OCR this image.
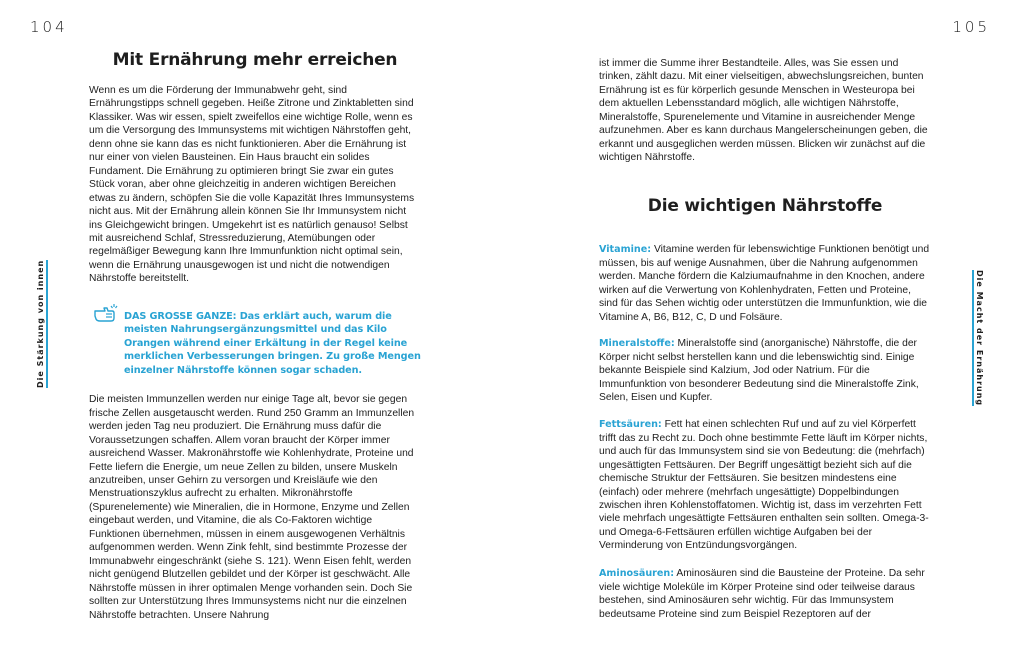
104	105
Die Stärkung von innen	Die Macht der Ernährung
Mit Ernährung mehr erreichen

Wenn es um die Förderung der Immunabwehr geht, sind Ernährungstipps schnell gegeben. Heiße Zitrone und Zinktabletten sind Klassiker. Was wir essen, spielt zweifellos eine wichtige Rolle, wenn es um die Versorgung des Immunsystems mit wichtigen Nährstoffen geht, denn ohne sie kann das es nicht funktionieren. Aber die Ernährung ist nur einer von vielen Bausteinen. Ein Haus braucht ein solides Fundament. Die Ernährung zu optimieren bringt Sie zwar ein gutes Stück voran, aber ohne gleichzeitig in anderen wichtigen Bereichen etwas zu ändern, schöpfen Sie die volle Kapazität Ihres Immunsystems nicht aus. Mit der Ernährung allein können Sie Ihr Immunsystem nicht ins Gleichgewicht bringen. Umgekehrt ist es natürlich genauso! Selbst mit ausreichend Schlaf, Stressreduzierung, Atemübungen oder regelmäßiger Bewegung kann Ihre Immunfunktion nicht optimal sein, wenn die Ernährung unausgewogen ist und nicht die notwendigen Nährstoffe bereitstellt.

DAS GROSSE GANZE: Das erklärt auch, warum die meisten Nahrungsergänzungsmittel und das Kilo Orangen während einer Erkältung in der Regel keine merklichen Verbesserungen bringen. Zu große Mengen einzelner Nährstoffe können sogar schaden.

Die meisten Immunzellen werden nur einige Tage alt, bevor sie gegen frische Zellen ausgetauscht werden. Rund 250 Gramm an Immunzellen werden jeden Tag neu produziert. Die Ernährung muss dafür die Voraussetzungen schaffen. Allem voran braucht der Körper immer ausreichend Wasser. Makronährstoffe wie Kohlenhydrate, Proteine und Fette liefern die Energie, um neue Zellen zu bilden, unsere Muskeln anzutreiben, unser Gehirn zu versorgen und Kreisläufe wie den Menstruationszyklus aufrecht zu erhalten. Mikronährstoffe (Spurenelemente) wie Mineralien, die in Hormone, Enzyme und Zellen eingebaut werden, und Vitamine, die als Co-Faktoren wichtige Funktionen übernehmen, müssen in einem ausgewogenen Verhältnis aufgenommen werden. Wenn Zink fehlt, sind bestimmte Prozesse der Immunabwehr eingeschränkt (siehe S. 121). Wenn Eisen fehlt, werden nicht genügend Blutzellen gebildet und der Körper ist geschwächt. Alle Nährstoffe müssen in ihrer optimalen Menge vorhanden sein. Doch Sie sollten zur Unterstützung Ihres Immunsystems nicht nur die einzelnen Nährstoffe betrachten. Unsere Nahrung

ist immer die Summe ihrer Bestandteile. Alles, was Sie essen und trinken, zählt dazu. Mit einer vielseitigen, abwechslungsreichen, bunten Ernährung ist es für körperlich gesunde Menschen in Westeuropa bei dem aktuellen Lebensstandard möglich, alle wichtigen Nährstoffe, Mineralstoffe, Spurenelemente und Vitamine in ausreichender Menge aufzunehmen. Aber es kann durchaus Mangelerscheinungen geben, die erkannt und ausgeglichen werden müssen. Blicken wir zunächst auf die wichtigen Nährstoffe.

Die wichtigen Nährstoffe

Vitamine: Vitamine werden für lebenswichtige Funktionen benötigt und müssen, bis auf wenige Ausnahmen, über die Nahrung aufgenommen werden. Manche fördern die Kalziumaufnahme in den Knochen, andere wirken auf die Verwertung von Kohlenhydraten, Fetten und Proteine, sind für das Sehen wichtig oder unterstützen die Immunfunktion, wie die Vitamine A, B6, B12, C, D und Folsäure.

Mineralstoffe: Mineralstoffe sind (anorganische) Nährstoffe, die der Körper nicht selbst herstellen kann und die lebenswichtig sind. Einige bekannte Beispiele sind Kalzium, Jod oder Natrium. Für die Immunfunktion von besonderer Bedeutung sind die Mineralstoffe Zink, Selen, Eisen und Kupfer.

Fettsäuren: Fett hat einen schlechten Ruf und auf zu viel Körperfett trifft das zu Recht zu. Doch ohne bestimmte Fette läuft im Körper nichts, und auch für das Immunsystem sind sie von Bedeutung: die (mehrfach) ungesättigten Fettsäuren. Der Begriff ungesättigt bezieht sich auf die chemische Struktur der Fettsäuren. Sie besitzen mindestens eine (einfach) oder mehrere (mehrfach ungesättigte) Doppelbindungen zwischen ihren Kohlenstoffatomen. Wichtig ist, dass im verzehrten Fett viele mehrfach ungesättigte Fettsäuren enthalten sein sollten. Omega-3- und Omega-6-Fettsäuren erfüllen wichtige Aufgaben bei der Verminderung von Entzündungsvorgängen.

Aminosäuren: Aminosäuren sind die Bausteine der Proteine. Da sehr viele wichtige Moleküle im Körper Proteine sind oder teilweise daraus bestehen, sind Aminosäuren sehr wichtig. Für das Immunsystem bedeutsame Proteine sind zum Beispiel Rezeptoren auf der
